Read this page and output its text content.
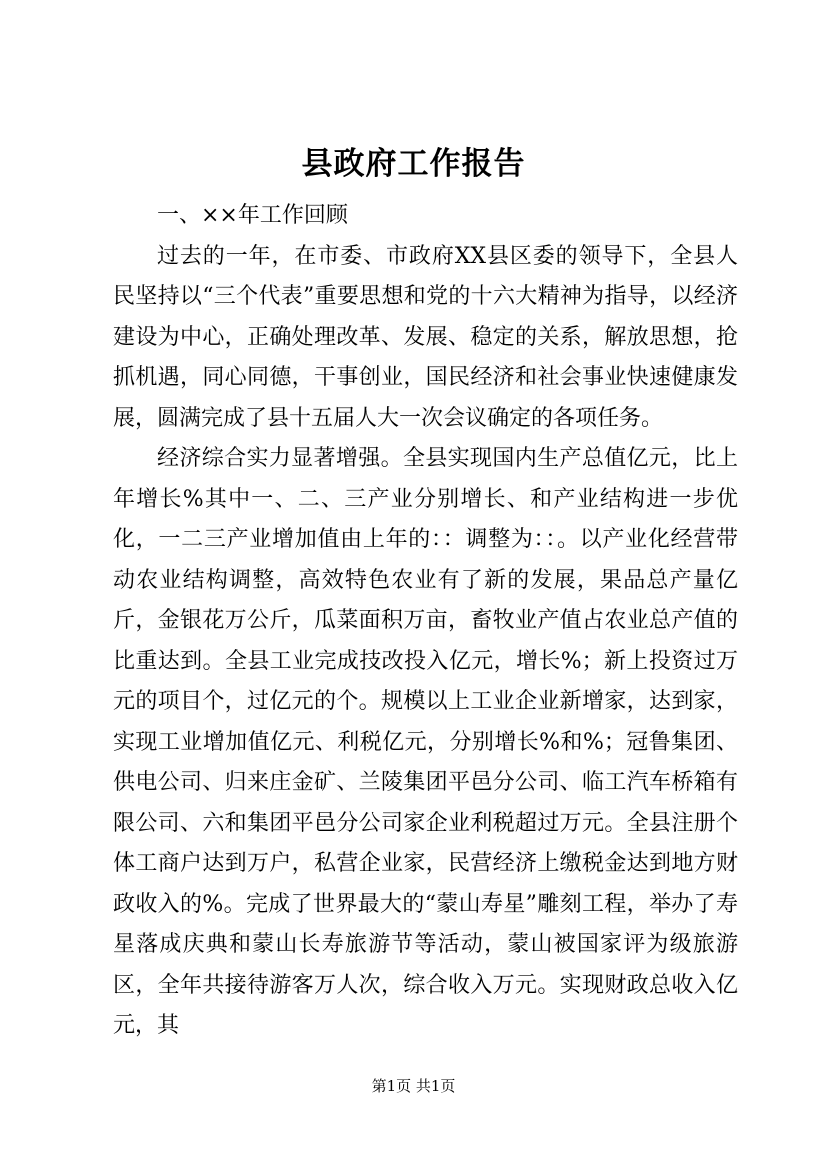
县政府工作报告

一、××年工作回顾

过去的一年，在市委、市政府XX县区委的领导下，全县人民坚持以“三个代表”重要思想和党的十六大精神为指导，以经济建设为中心，正确处理改革、发展、稳定的关系，解放思想，抢抓机遇，同心同德，干事创业，国民经济和社会事业快速健康发展，圆满完成了县十五届人大一次会议确定的各项任务。

经济综合实力显著增强。全县实现国内生产总值亿元，比上年增长%其中一、二、三产业分别增长、和产业结构进一步优化，一二三产业增加值由上年的：：调整为：：。以产业化经营带动农业结构调整，高效特色农业有了新的发展，果品总产量亿斤，金银花万公斤，瓜菜面积万亩，畜牧业产值占农业总产值的比重达到。全县工业完成技改投入亿元，增长%；新上投资过万元的项目个，过亿元的个。规模以上工业企业新增家，达到家，实现工业增加值亿元、利税亿元，分别增长%和%；冠鲁集团、供电公司、归来庄金矿、兰陵集团平邑分公司、临工汽车桥箱有限公司、六和集团平邑分公司家企业利税超过万元。全县注册个体工商户达到万户，私营企业家，民营经济上缴税金达到地方财政收入的%。完成了世界最大的“蒙山寿星”雕刻工程，举办了寿星落成庆典和蒙山长寿旅游节等活动，蒙山被国家评为级旅游区，全年共接待游客万人次，综合收入万元。实现财政总收入亿元，其

第1页 共1页
